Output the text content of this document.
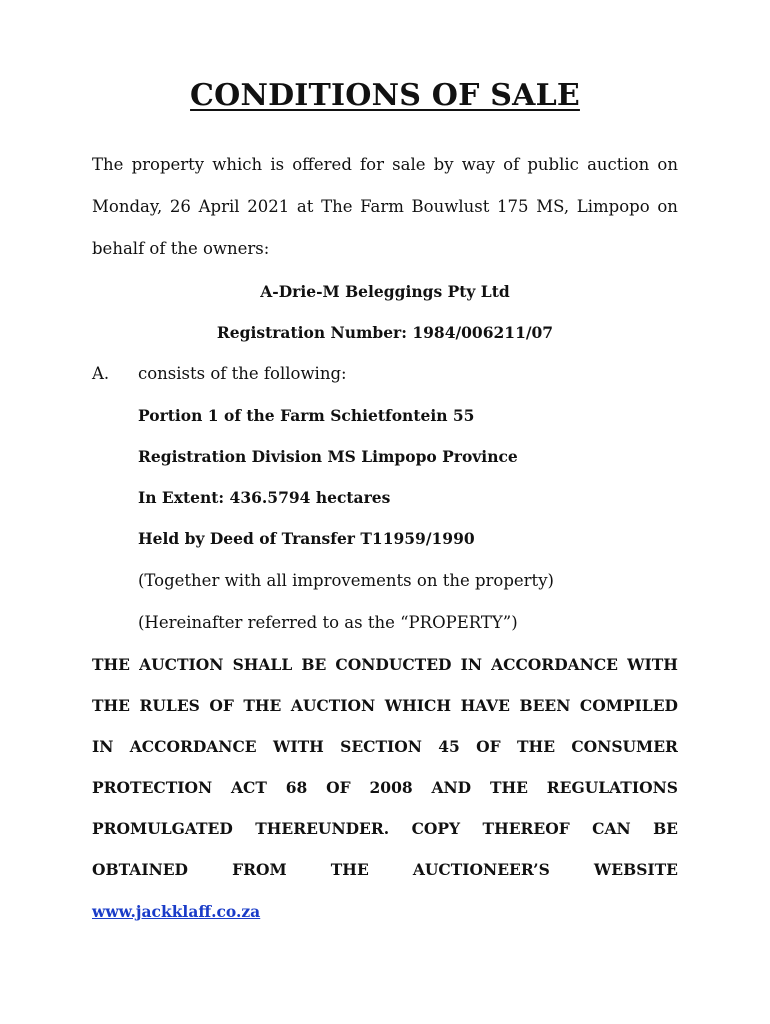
CONDITIONS OF SALE
The property which is offered for sale by way of public auction on
Monday, 26 April 2021 at The Farm Bouwlust 175 MS, Limpopo on
behalf of the owners:
A-Drie-M Beleggings Pty Ltd
Registration Number: 1984/006211/07
A. consists of the following:
Portion 1 of the Farm Schietfontein 55
Registration Division MS Limpopo Province
In Extent: 436.5794 hectares
Held by Deed of Transfer T11959/1990
(Together with all improvements on the property)
(Hereinafter referred to as the “PROPERTY”)
THE AUCTION SHALL BE CONDUCTED IN ACCORDANCE WITH
THE RULES OF THE AUCTION WHICH HAVE BEEN COMPILED
IN ACCORDANCE WITH SECTION 45 OF THE CONSUMER
PROTECTION ACT 68 OF 2008 AND THE REGULATIONS
PROMULGATED THEREUNDER. COPY THEREOF CAN BE
OBTAINED	FROM	THE	AUCTIONEER’S	WEBSITE
www.jackklaff.co.za
